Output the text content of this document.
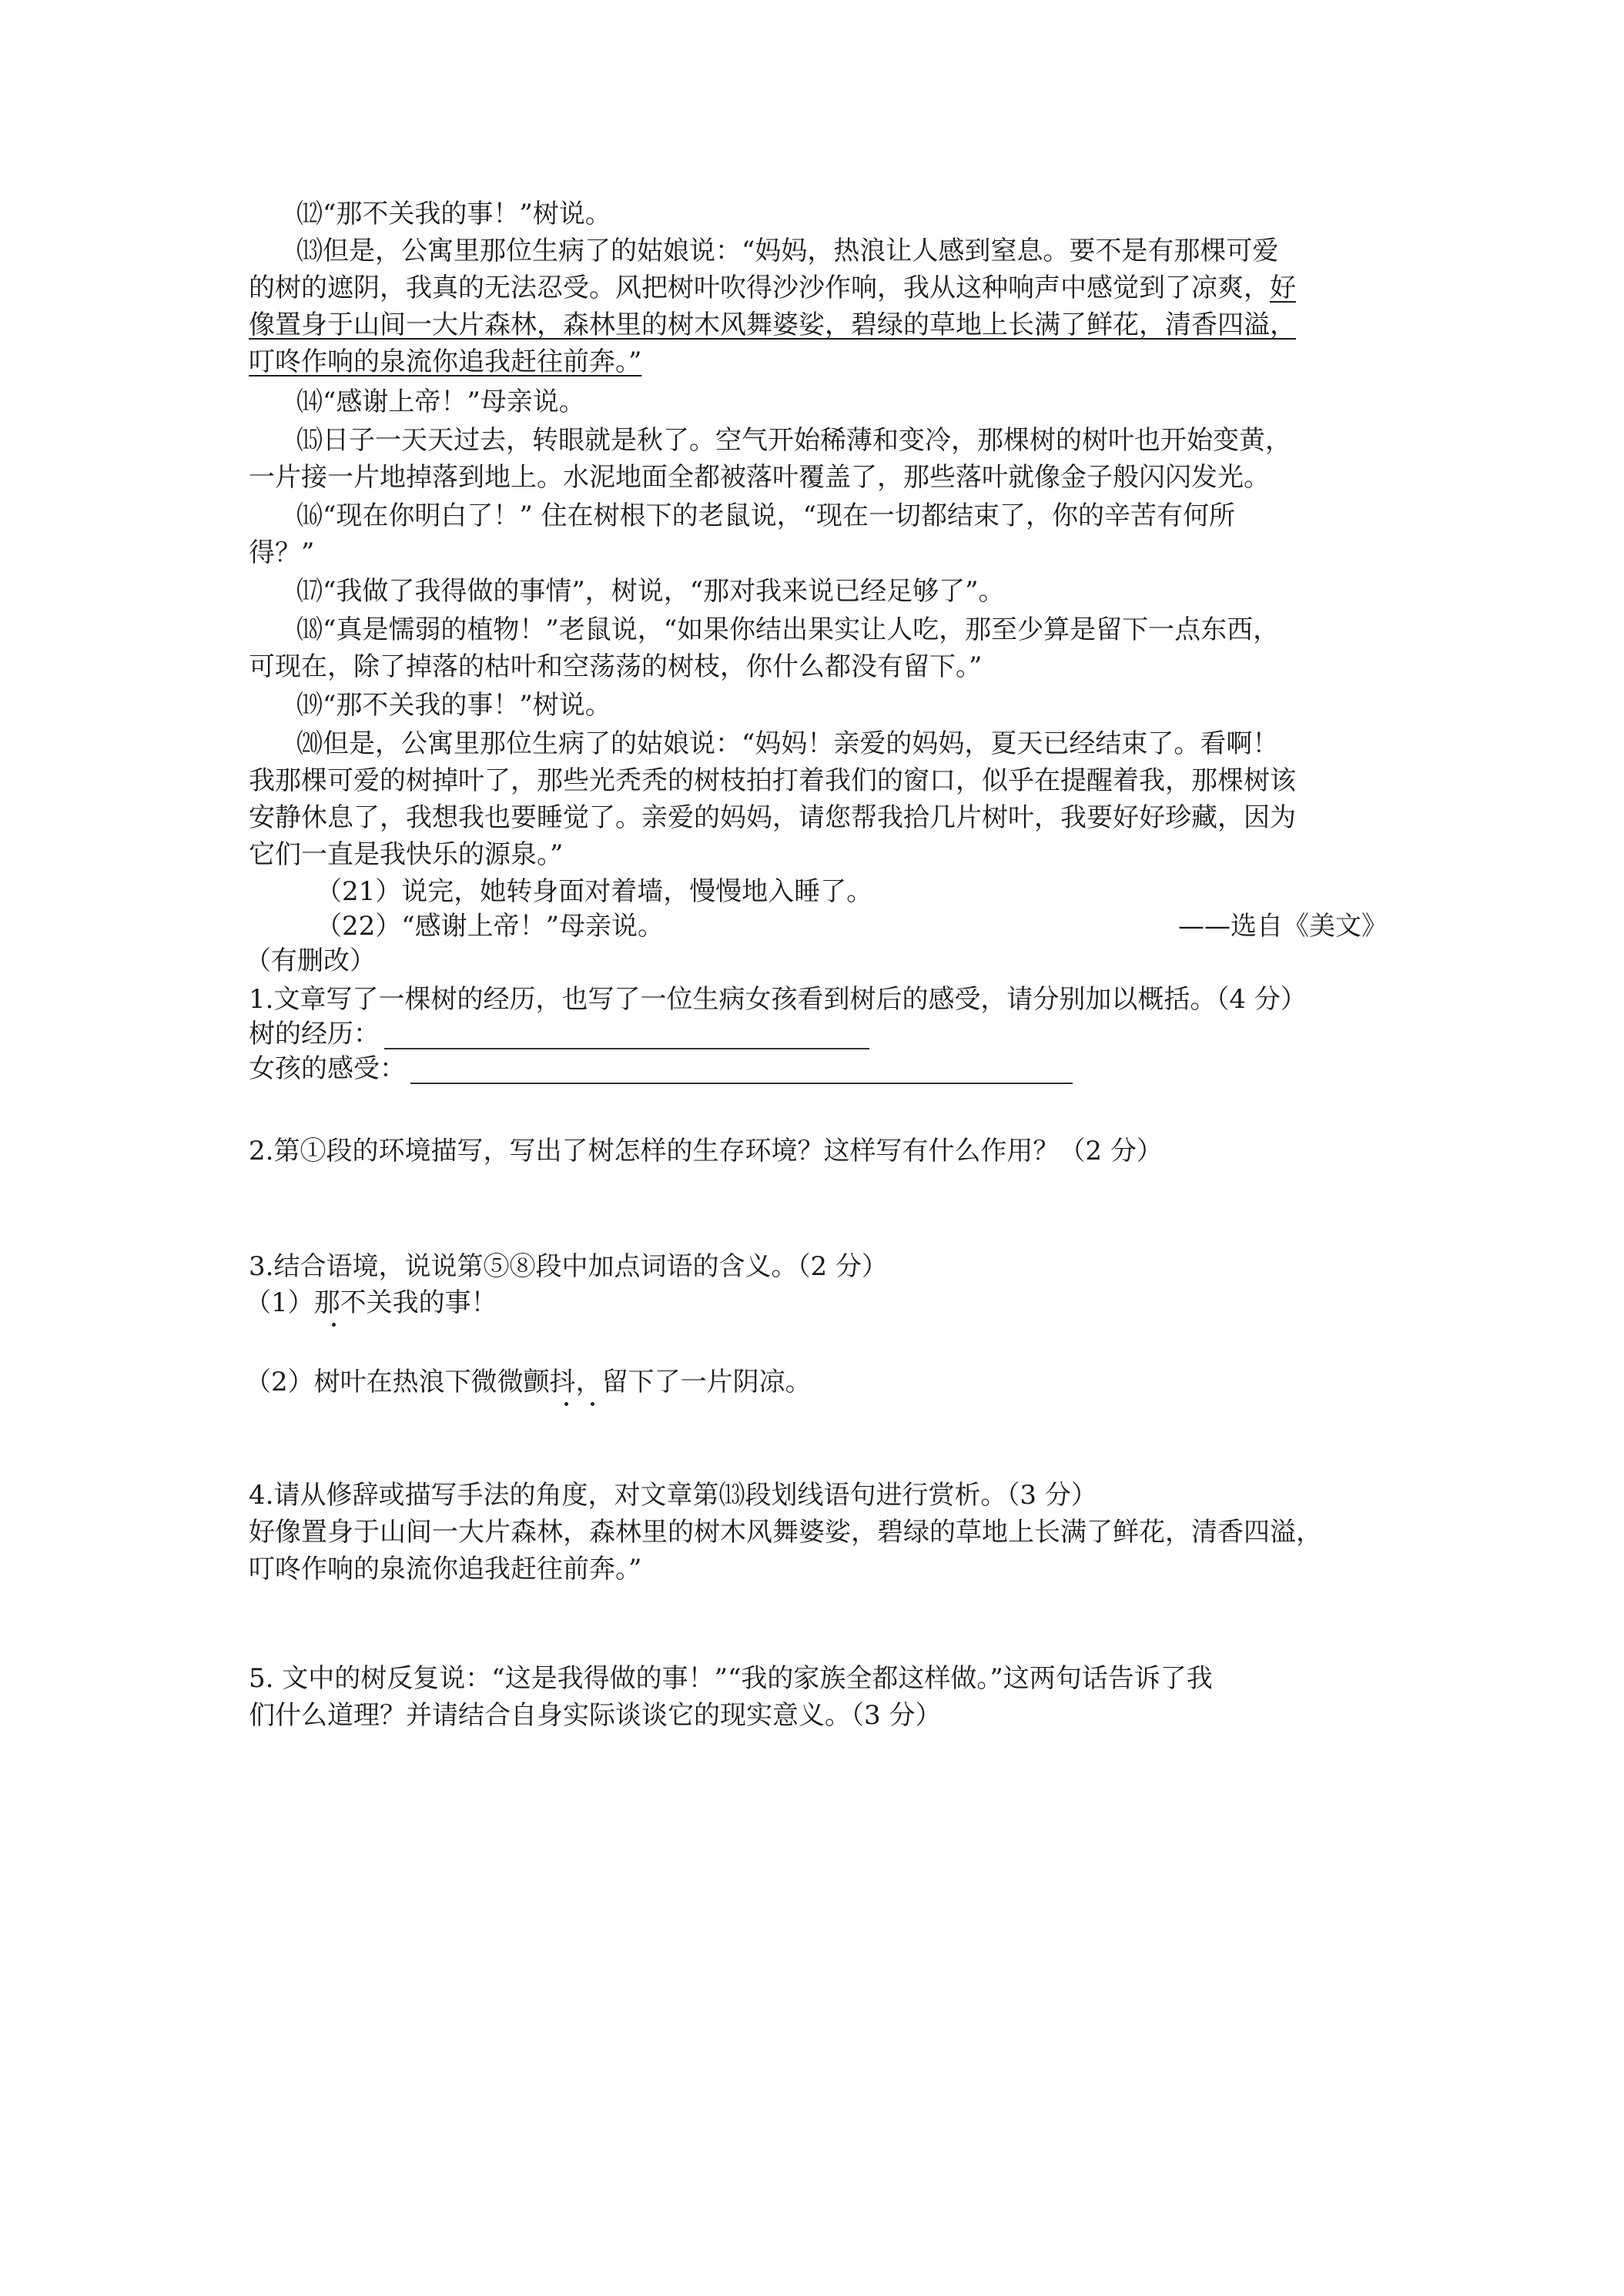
⑿“那不关我的事！”树说。

⒀但是，公寓里那位生病了的姑娘说：“妈妈，热浪让人感到窒息。要不是有那棵可爱

的树的遮阴，我真的无法忍受。风把树叶吹得沙沙作响，我从这种响声中感觉到了凉爽，好

像置身于山间一大片森林，森林里的树木风舞婆娑，碧绿的草地上长满了鲜花，清香四溢，

叮咚作响的泉流你追我赶往前奔。”

⒁“感谢上帝！”母亲说。

⒂日子一天天过去，转眼就是秋了。空气开始稀薄和变冷，那棵树的树叶也开始变黄，

一片接一片地掉落到地上。水泥地面全都被落叶覆盖了，那些落叶就像金子般闪闪发光。

⒃“现在你明白了！” 住在树根下的老鼠说，“现在一切都结束了，你的辛苦有何所

得？”

⒄“我做了我得做的事情”，树说，“那对我来说已经足够了”。

⒅“真是懦弱的植物！”老鼠说，“如果你结出果实让人吃，那至少算是留下一点东西，

可现在，除了掉落的枯叶和空荡荡的树枝，你什么都没有留下。”

⒆“那不关我的事！”树说。

⒇但是，公寓里那位生病了的姑娘说：“妈妈！亲爱的妈妈，夏天已经结束了。看啊！

我那棵可爱的树掉叶了，那些光秃秃的树枝拍打着我们的窗口，似乎在提醒着我，那棵树该

安静休息了，我想我也要睡觉了。亲爱的妈妈，请您帮我拾几片树叶，我要好好珍藏，因为

它们一直是我快乐的源泉。”

（21）说完，她转身面对着墙，慢慢地入睡了。

（22）“感谢上帝！”母亲说。	——选自《美文》

（有删改）

1.文章写了一棵树的经历，也写了一位生病女孩看到树后的感受，请分别加以概括。（4 分）

树的经历：

女孩的感受：

2.第①段的环境描写，写出了树怎样的生存环境？这样写有什么作用？（2 分）

3.结合语境，说说第⑤⑧段中加点词语的含义。（2 分）

（1）那不关我的事！

（2）树叶在热浪下微微颤抖，留下了一片阴凉。

4.请从修辞或描写手法的角度，对文章第⒀段划线语句进行赏析。（3 分）

好像置身于山间一大片森林，森林里的树木风舞婆娑，碧绿的草地上长满了鲜花，清香四溢，

叮咚作响的泉流你追我赶往前奔。”

5. 文中的树反复说：“这是我得做的事！”“我的家族全都这样做。”这两句话告诉了我

们什么道理？并请结合自身实际谈谈它的现实意义。（3 分）
